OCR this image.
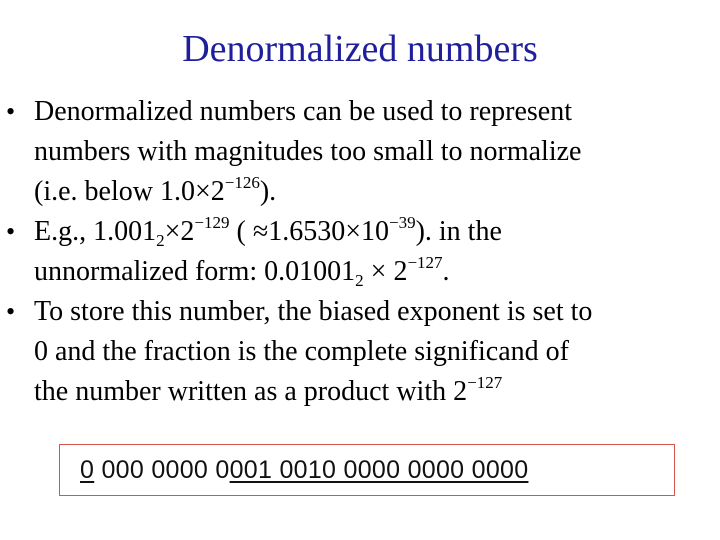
Denormalized numbers
• Denormalized numbers can be used to represent
numbers with magnitudes too small to normalize
(i.e. below $1.0\times 2^{-126}$).
• E.g., $1.001_2\times 2^{-129}$ ( $\approx 1.6530\times 10^{-39}$). in the
unnormalized form: $0.01001_2 \times 2^{-127}$.
• To store this number, the biased exponent is set to
0 and the fraction is the complete significand of
the number written as a product with $2^{-127}$
0 000 0000 0001 0010 0000 0000 0000
